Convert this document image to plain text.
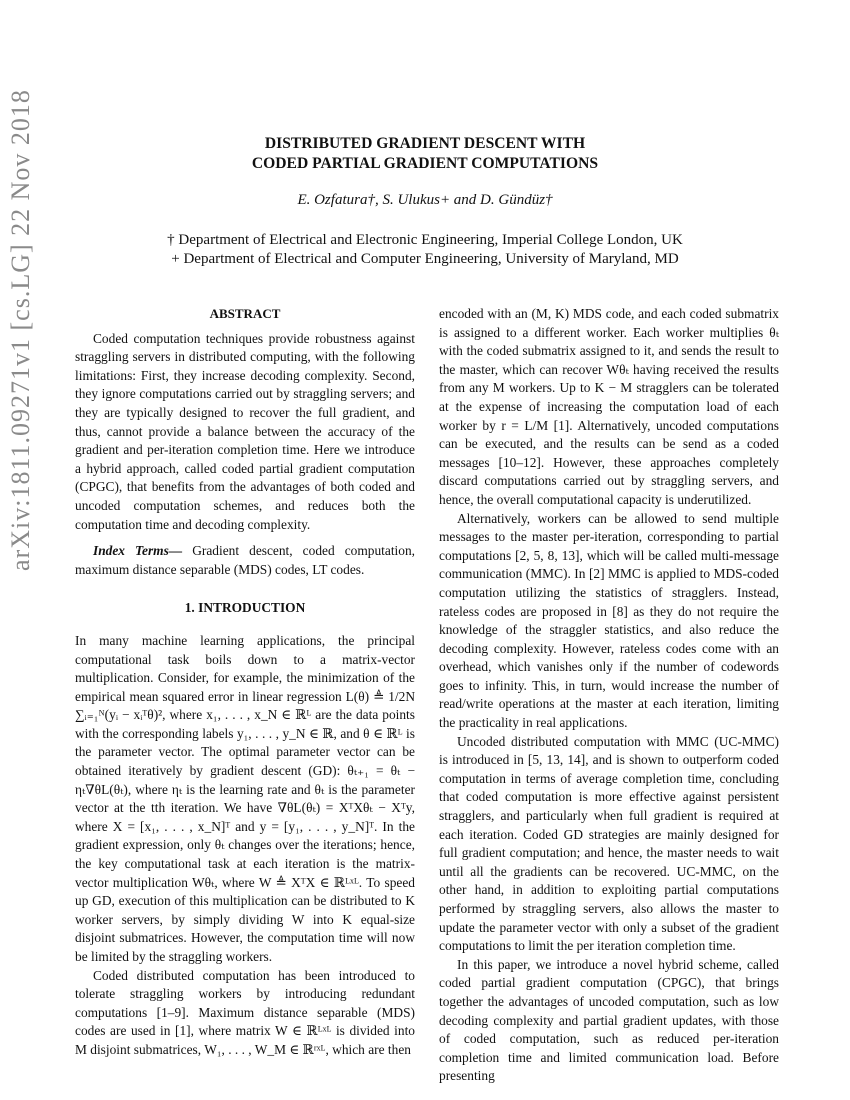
arXiv:1811.09271v1 [cs.LG] 22 Nov 2018	DISTRIBUTED GRADIENT DESCENT WITH
CODED PARTIAL GRADIENT COMPUTATIONS
E. Ozfatura†, S. Ulukus+ and D. Gündüz†
† Department of Electrical and Electronic Engineering, Imperial College London, UK
+ Department of Electrical and Computer Engineering, University of Maryland, MD
ABSTRACT

Coded computation techniques provide robustness against straggling servers in distributed computing, with the following limitations: First, they increase decoding complexity. Second, they ignore computations carried out by straggling servers; and they are typically designed to recover the full gradient, and thus, cannot provide a balance between the accuracy of the gradient and per-iteration completion time. Here we introduce a hybrid approach, called coded partial gradient computation (CPGC), that benefits from the advantages of both coded and uncoded computation schemes, and reduces both the computation time and decoding complexity.

Index Terms— Gradient descent, coded computation, maximum distance separable (MDS) codes, LT codes.

1. INTRODUCTION

In many machine learning applications, the principal computational task boils down to a matrix-vector multiplication. Consider, for example, the minimization of the empirical mean squared error in linear regression L(θ) ≜ 1/2N ∑ᵢ₌₁ᴺ(yᵢ − xᵢᵀθ)², where x₁, . . . , x_N ∈ ℝᴸ are the data points with the corresponding labels y₁, . . . , y_N ∈ ℝ, and θ ∈ ℝᴸ is the parameter vector. The optimal parameter vector can be obtained iteratively by gradient descent (GD): θₜ₊₁ = θₜ − ηₜ∇θL(θₜ), where ηₜ is the learning rate and θₜ is the parameter vector at the tth iteration. We have ∇θL(θₜ) = XᵀXθₜ − Xᵀy, where X = [x₁, . . . , x_N]ᵀ and y = [y₁, . . . , y_N]ᵀ. In the gradient expression, only θₜ changes over the iterations; hence, the key computational task at each iteration is the matrix-vector multiplication Wθₜ, where W ≜ XᵀX ∈ ℝᴸˣᴸ. To speed up GD, execution of this multiplication can be distributed to K worker servers, by simply dividing W into K equal-size disjoint submatrices. However, the computation time will now be limited by the straggling workers.

Coded distributed computation has been introduced to tolerate straggling workers by introducing redundant computations [1–9]. Maximum distance separable (MDS) codes are used in [1], where matrix W ∈ ℝᴸˣᴸ is divided into M disjoint submatrices, W₁, . . . , W_M ∈ ℝʳˣᴸ, which are then

encoded with an (M, K) MDS code, and each coded submatrix is assigned to a different worker. Each worker multiplies θₜ with the coded submatrix assigned to it, and sends the result to the master, which can recover Wθₜ having received the results from any M workers. Up to K − M stragglers can be tolerated at the expense of increasing the computation load of each worker by r = L/M [1]. Alternatively, uncoded computations can be executed, and the results can be send as a coded messages [10–12]. However, these approaches completely discard computations carried out by straggling servers, and hence, the overall computational capacity is underutilized.

Alternatively, workers can be allowed to send multiple messages to the master per-iteration, corresponding to partial computations [2, 5, 8, 13], which will be called multi-message communication (MMC). In [2] MMC is applied to MDS-coded computation utilizing the statistics of stragglers. Instead, rateless codes are proposed in [8] as they do not require the knowledge of the straggler statistics, and also reduce the decoding complexity. However, rateless codes come with an overhead, which vanishes only if the number of codewords goes to infinity. This, in turn, would increase the number of read/write operations at the master at each iteration, limiting the practicality in real applications.

Uncoded distributed computation with MMC (UC-MMC) is introduced in [5, 13, 14], and is shown to outperform coded computation in terms of average completion time, concluding that coded computation is more effective against persistent stragglers, and particularly when full gradient is required at each iteration. Coded GD strategies are mainly designed for full gradient computation; and hence, the master needs to wait until all the gradients can be recovered. UC-MMC, on the other hand, in addition to exploiting partial computations performed by straggling servers, also allows the master to update the parameter vector with only a subset of the gradient computations to limit the per iteration completion time.

In this paper, we introduce a novel hybrid scheme, called coded partial gradient computation (CPGC), that brings together the advantages of uncoded computation, such as low decoding complexity and partial gradient updates, with those of coded computation, such as reduced per-iteration completion time and limited communication load. Before presenting
